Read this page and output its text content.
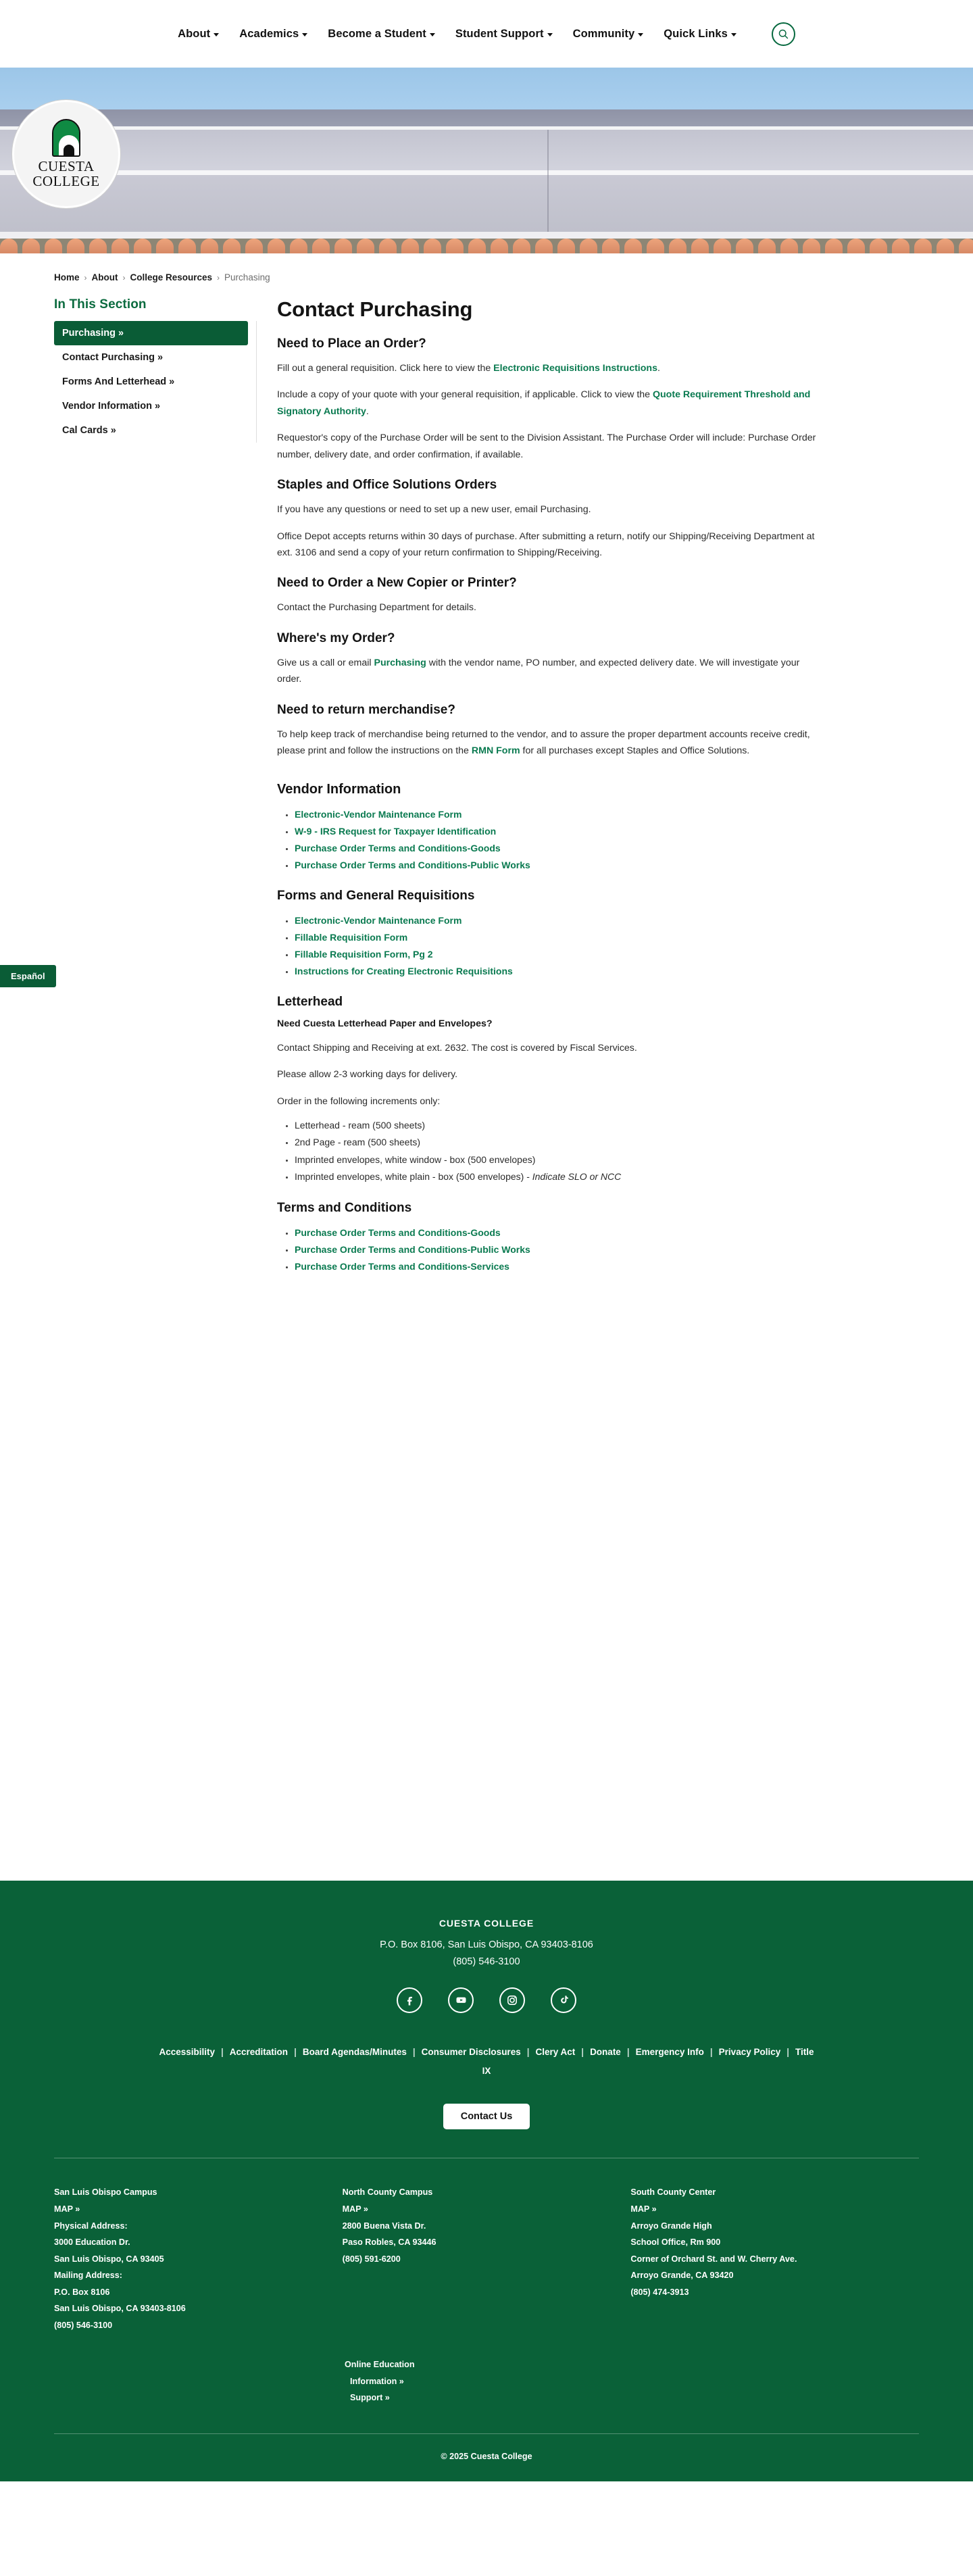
About	Academics	Become a Student	Student Support	Community	Quick Links
CUESTA
COLLEGE
Español
Home › About › College Resources › Purchasing
In This Section
Purchasing »
Contact Purchasing »
Forms And Letterhead »
Vendor Information »
Cal Cards »
Contact Purchasing
Need to Place an Order?

Fill out a general requisition. Click here to view the Electronic Requisitions Instructions.

Include a copy of your quote with your general requisition, if applicable. Click to view the Quote Requirement Threshold and Signatory Authority.

Requestor's copy of the Purchase Order will be sent to the Division Assistant. The Purchase Order will include: Purchase Order number, delivery date, and order confirmation, if available.

Staples and Office Solutions Orders

If you have any questions or need to set up a new user, email Purchasing.

Office Depot accepts returns within 30 days of purchase. After submitting a return, notify our Shipping/Receiving Department at ext. 3106 and send a copy of your return confirmation to Shipping/Receiving.

Need to Order a New Copier or Printer?

Contact the Purchasing Department for details.

Where's my Order?

Give us a call or email Purchasing with the vendor name, PO number, and expected delivery date. We will investigate your order.

Need to return merchandise?

To help keep track of merchandise being returned to the vendor, and to assure the proper department accounts receive credit, please print and follow the instructions on the RMN Form for all purchases except Staples and Office Solutions.

Vendor Information
• Electronic-Vendor Maintenance Form
• W-9 - IRS Request for Taxpayer Identification
• Purchase Order Terms and Conditions-Goods
• Purchase Order Terms and Conditions-Public Works
Forms and General Requisitions
• Electronic-Vendor Maintenance Form
• Fillable Requisition Form
• Fillable Requisition Form, Pg 2
• Instructions for Creating Electronic Requisitions
Letterhead
Need Cuesta Letterhead Paper and Envelopes?

Contact Shipping and Receiving at ext. 2632. The cost is covered by Fiscal Services.

Please allow 2-3 working days for delivery.

Order in the following increments only:

• Letterhead - ream (500 sheets)
• 2nd Page - ream (500 sheets)
• Imprinted envelopes, white window - box (500 envelopes)
• Imprinted envelopes, white plain - box (500 envelopes) - Indicate SLO or NCC
Terms and Conditions
• Purchase Order Terms and Conditions-Goods
• Purchase Order Terms and Conditions-Public Works
• Purchase Order Terms and Conditions-Services
CUESTA COLLEGE
P.O. Box 8106, San Luis Obispo, CA 93403-8106
(805) 546-3100
Accessibility | Accreditation | Board Agendas/Minutes | Consumer Disclosures | Clery Act | Donate | Emergency Info | Privacy Policy | Title IX
Contact Us
San Luis Obispo Campus
MAP »
Physical Address:
3000 Education Dr.
San Luis Obispo, CA 93405
Mailing Address:
P.O. Box 8106
San Luis Obispo, CA 93403-8106
(805) 546-3100
North County Campus
MAP »
2800 Buena Vista Dr.
Paso Robles, CA 93446
(805) 591-6200
South County Center
MAP »
Arroyo Grande High
School Office, Rm 900
Corner of Orchard St. and W. Cherry Ave.
Arroyo Grande, CA 93420
(805) 474-3913
Online Education
Information »
Support »
© 2025 Cuesta College
